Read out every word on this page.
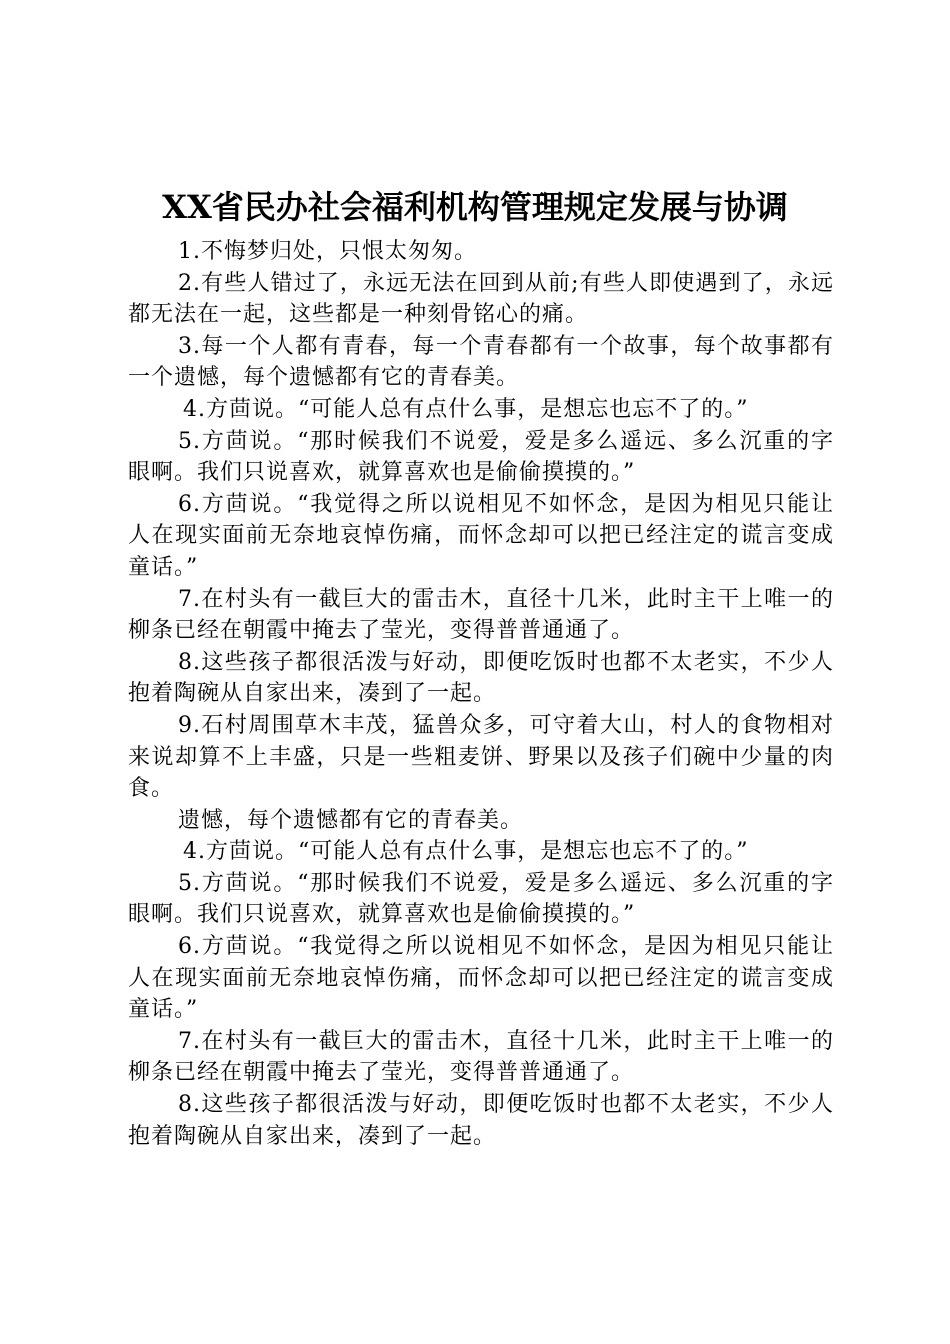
XX省民办社会福利机构管理规定发展与协调

1.不悔梦归处，只恨太匆匆。

2.有些人错过了，永远无法在回到从前;有些人即使遇到了，永远都无法在一起，这些都是一种刻骨铭心的痛。

3.每一个人都有青春，每一个青春都有一个故事，每个故事都有一个遗憾，每个遗憾都有它的青春美。

4.方茴说。“可能人总有点什么事，是想忘也忘不了的。”

5.方茴说。“那时候我们不说爱，爱是多么遥远、多么沉重的字眼啊。我们只说喜欢，就算喜欢也是偷偷摸摸的。”

6.方茴说。“我觉得之所以说相见不如怀念，是因为相见只能让人在现实面前无奈地哀悼伤痛，而怀念却可以把已经注定的谎言变成童话。”

7.在村头有一截巨大的雷击木，直径十几米，此时主干上唯一的柳条已经在朝霞中掩去了莹光，变得普普通通了。

8.这些孩子都很活泼与好动，即便吃饭时也都不太老实，不少人抱着陶碗从自家出来，凑到了一起。

9.石村周围草木丰茂，猛兽众多，可守着大山，村人的食物相对来说却算不上丰盛，只是一些粗麦饼、野果以及孩子们碗中少量的肉食。

遗憾，每个遗憾都有它的青春美。

4.方茴说。“可能人总有点什么事，是想忘也忘不了的。”

5.方茴说。“那时候我们不说爱，爱是多么遥远、多么沉重的字眼啊。我们只说喜欢，就算喜欢也是偷偷摸摸的。”

6.方茴说。“我觉得之所以说相见不如怀念，是因为相见只能让人在现实面前无奈地哀悼伤痛，而怀念却可以把已经注定的谎言变成童话。”

7.在村头有一截巨大的雷击木，直径十几米，此时主干上唯一的柳条已经在朝霞中掩去了莹光，变得普普通通了。

8.这些孩子都很活泼与好动，即便吃饭时也都不太老实，不少人抱着陶碗从自家出来，凑到了一起。
